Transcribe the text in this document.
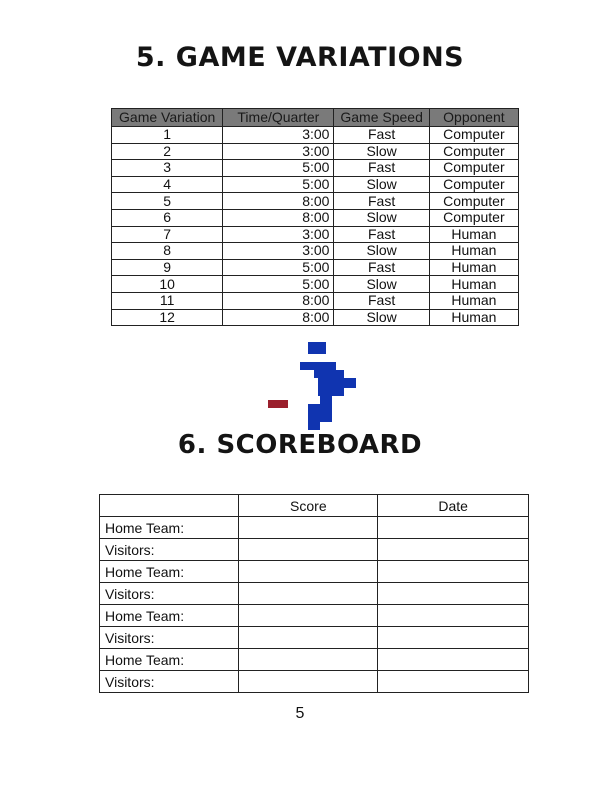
5. GAME VARIATIONS
Game Variation	Time/Quarter	Game Speed	Opponent
1	3:00	Fast	Computer
2	3:00	Slow	Computer
3	5:00	Fast	Computer
4	5:00	Slow	Computer
5	8:00	Fast	Computer
6	8:00	Slow	Computer
7	3:00	Fast	Human
8	3:00	Slow	Human
9	5:00	Fast	Human
10	5:00	Slow	Human
11	8:00	Fast	Human
12	8:00	Slow	Human
6. SCOREBOARD
	Score	Date
Home Team:		
Visitors:		
Home Team:		
Visitors:		
Home Team:		
Visitors:		
Home Team:		
Visitors:		
5
